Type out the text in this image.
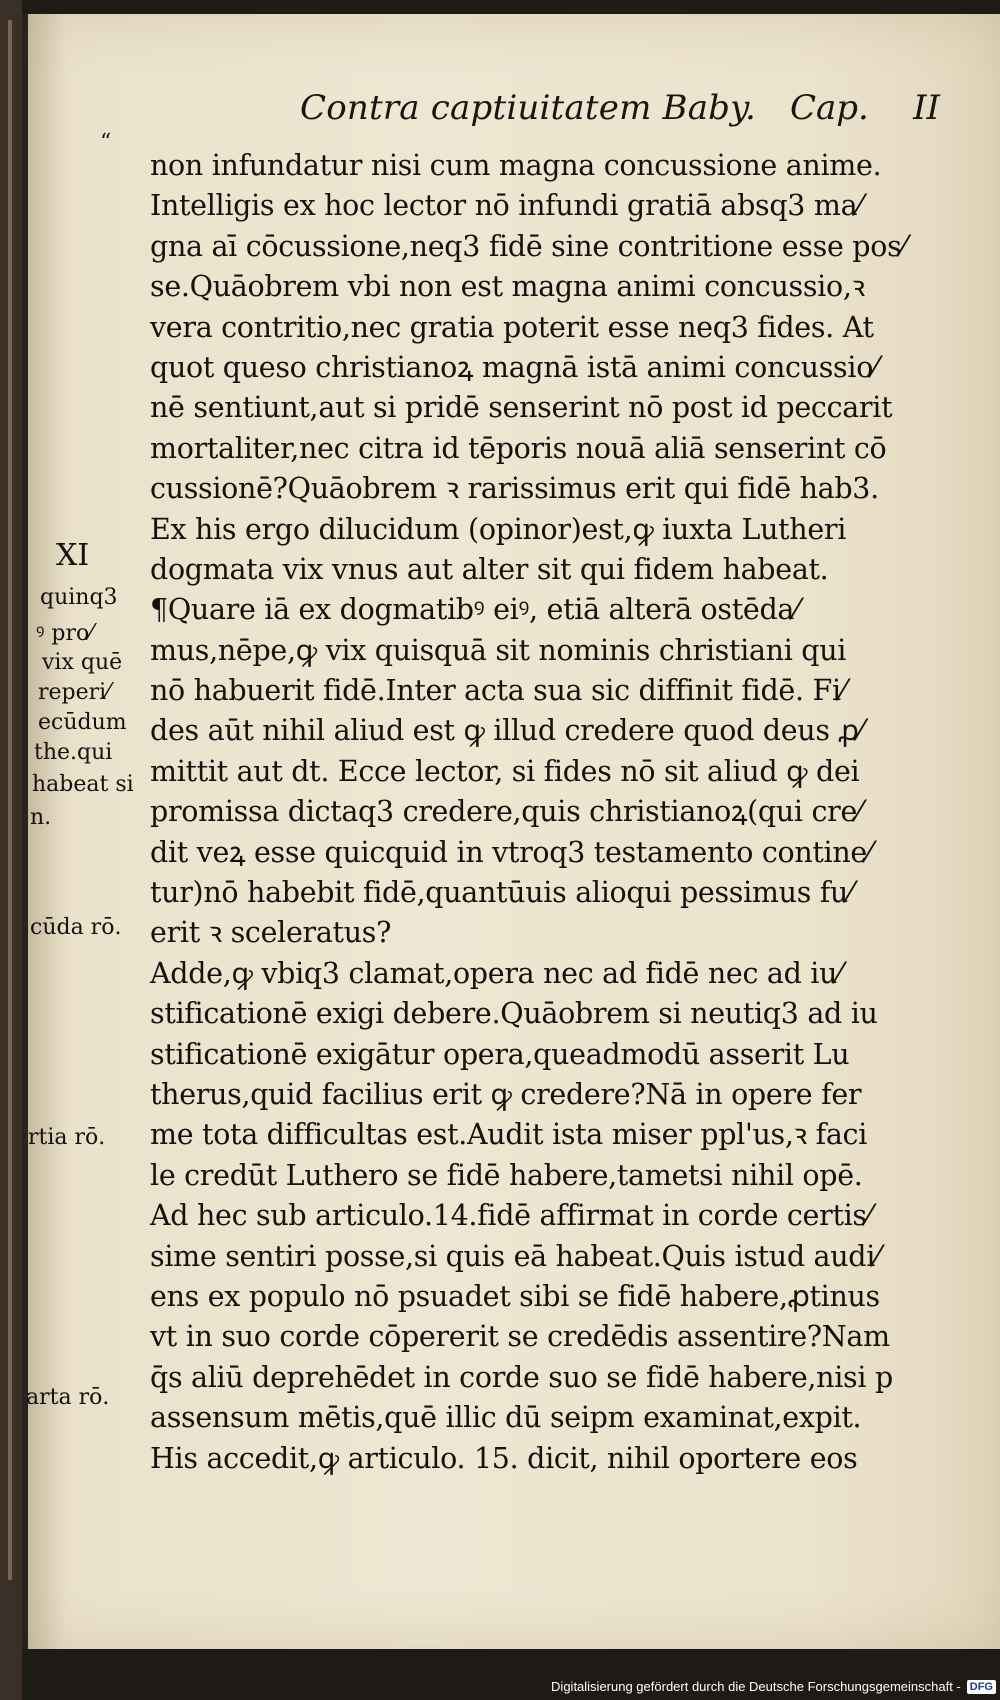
Contra captiuitatem Baby. Cap.	II
“
non infundatur nisi cum magna concussione anime.
Intelligis ex hoc lector nō infundi gratiā absq3 ma⁄
gna aī cōcussione,neq3 fidē sine contritione esse pos⁄
se.Quāobrem vbi non est magna animi concussio,ꝛ
vera contritio,nec gratia poterit esse neq3 fides. At
quot queso christianoꝝ magnā istā animi concussio⁄
nē sentiunt,aut si pridē senserint nō post id peccarit
mortaliter,nec citra id tēporis nouā aliā senserint cō
cussionē?Quāobrem ꝛ rarissimus erit qui fidē hab3.
Ex his ergo dilucidum (opinor)est,ꝙ iuxta Lutheri
dogmata vix vnus aut alter sit qui fidem habeat.
¶Quare iā ex dogmatibꝰ eiꝰ, etiā alterā ostēda⁄
mus,nēpe,ꝙ vix quisquā sit nominis christiani qui
nō habuerit fidē.Inter acta sua sic diffinit fidē. Fi⁄
des aūt nihil aliud est ꝙ illud credere quod deus ꝓ⁄
mittit aut dt. Ecce lector, si fides nō sit aliud ꝙ dei
promissa dictaq3 credere,quis christianoꝝ(qui cre⁄
dit veꝝ esse quicquid in vtroq3 testamento contine⁄
tur)nō habebit fidē,quantūuis alioqui pessimus fu⁄
erit ꝛ sceleratus?
Adde,ꝙ vbiq3 clamat,opera nec ad fidē nec ad iu⁄
stificationē exigi debere.Quāobrem si neutiq3 ad iu
stificationē exigātur opera,queadmodū asserit Lu
therus,quid facilius erit ꝙ credere?Nā in opere fer
me tota difficultas est.Audit ista miser ppl'us,ꝛ faci
le credūt Luthero se fidē habere,tametsi nihil opē.
Ad hec sub articulo.14.fidē affirmat in corde certis⁄
sime sentiri posse,si quis eā habeat.Quis istud audi⁄
ens ex populo nō psuadet sibi se fidē habere,ꝓtinus
vt in suo corde cōpererit se credēdis assentire?Nam
q̄s aliū deprehēdet in corde suo se fidē habere,nisi p
assensum mētis,quē illic dū seipm examinat,expit.
His accedit,ꝙ articulo. 15. dicit, nihil oportere eos
XI
quinq3
ꝰ pro⁄
vix quē
reperi⁄
ecūdum
the.qui
habeat si
n.
cūda rō.
rtia rō.
arta rō.
Digitalisierung gefördert durch die Deutsche Forschungsgemeinschaft - DFG
